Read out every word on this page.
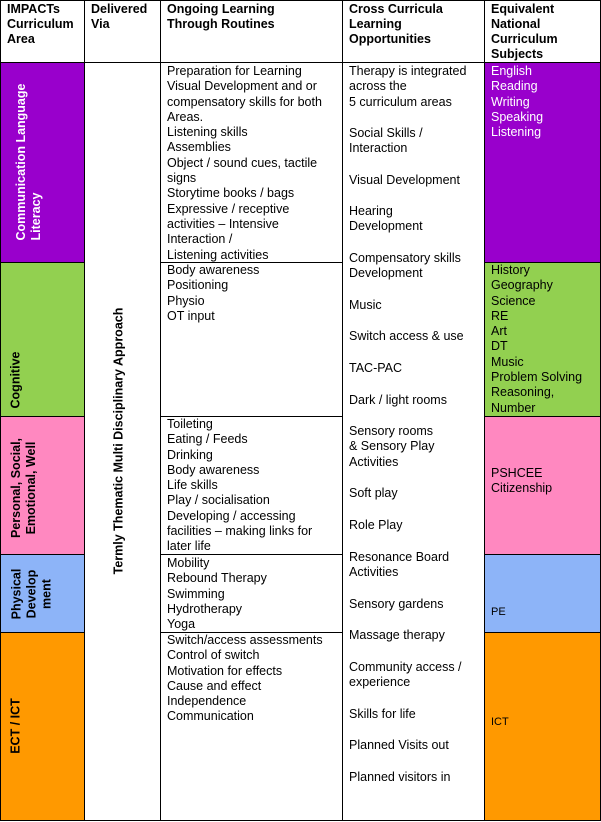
IMPACTs
Curriculum
Area
Delivered
Via
Ongoing Learning
Through Routines
Cross Curricula
Learning
Opportunities
Equivalent
National
Curriculum
Subjects
Communication Language Literacy
Cognitive
Personal, Social, Emotional, Well
Physical Develop ment
ECT / ICT
Termly Thematic Multi Disciplinary Approach
Preparation for Learning
Visual Development and or
compensatory skills for both
Areas.
Listening skills
Assemblies
Object / sound cues, tactile
signs
Storytime books / bags
Expressive / receptive
activities – Intensive
Interaction /
Listening activities
Body awareness
Positioning
Physio
OT input
Toileting
Eating / Feeds
Drinking
Body awareness
Life skills
Play / socialisation
Developing / accessing
facilities – making links for
later life
Mobility
Rebound Therapy
Swimming
Hydrotherapy
Yoga
Switch/access assessments
Control of switch
Motivation for effects
Cause and effect
Independence
Communication
Therapy is integrated
across the
5 curriculum areas
Social Skills /
Interaction
Visual Development
Hearing
Development
Compensatory skills
Development
Music
Switch access & use
TAC-PAC
Dark / light rooms
Sensory rooms
& Sensory Play
Activities
Soft play
Role Play
Resonance Board
Activities
Sensory gardens
Massage therapy
Community access /
experience
Skills for life
Planned Visits out
Planned visitors in
English
Reading
Writing
Speaking
Listening
History
Geography
Science
RE
Art
DT
Music
Problem Solving
Reasoning,
Number
PSHCEE
Citizenship
PE
ICT
